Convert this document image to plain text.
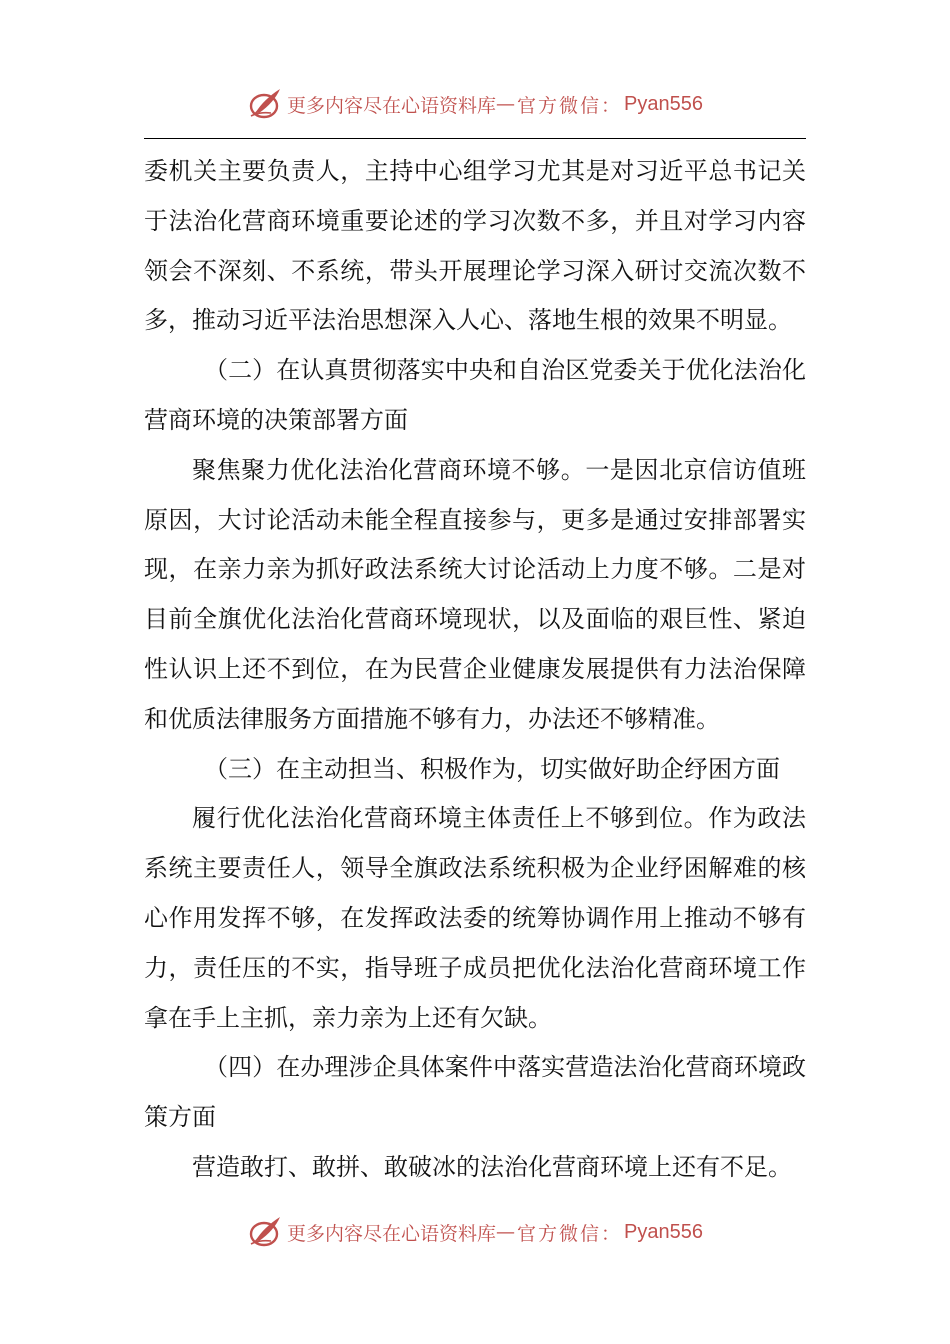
更多内容尽在心语资料库 — 官方微信： Pyan556

委机关主要负责人，主持中心组学习尤其是对习近平总书记关于法治化营商环境重要论述的学习次数不多，并且对学习内容领会不深刻、不系统，带头开展理论学习深入研讨交流次数不多，推动习近平法治思想深入人心、落地生根的效果不明显。

（二）在认真贯彻落实中央和自治区党委关于优化法治化营商环境的决策部署方面

聚焦聚力优化法治化营商环境不够。一是因北京信访值班原因，大讨论活动未能全程直接参与，更多是通过安排部署实现，在亲力亲为抓好政法系统大讨论活动上力度不够。二是对目前全旗优化法治化营商环境现状，以及面临的艰巨性、紧迫性认识上还不到位，在为民营企业健康发展提供有力法治保障和优质法律服务方面措施不够有力，办法还不够精准。

（三）在主动担当、积极作为，切实做好助企纾困方面

履行优化法治化营商环境主体责任上不够到位。作为政法系统主要责任人，领导全旗政法系统积极为企业纾困解难的核心作用发挥不够，在发挥政法委的统筹协调作用上推动不够有力，责任压的不实，指导班子成员把优化法治化营商环境工作拿在手上主抓，亲力亲为上还有欠缺。

（四）在办理涉企具体案件中落实营造法治化营商环境政策方面

营造敢打、敢拼、敢破冰的法治化营商环境上还有不足。

更多内容尽在心语资料库 — 官方微信： Pyan556
